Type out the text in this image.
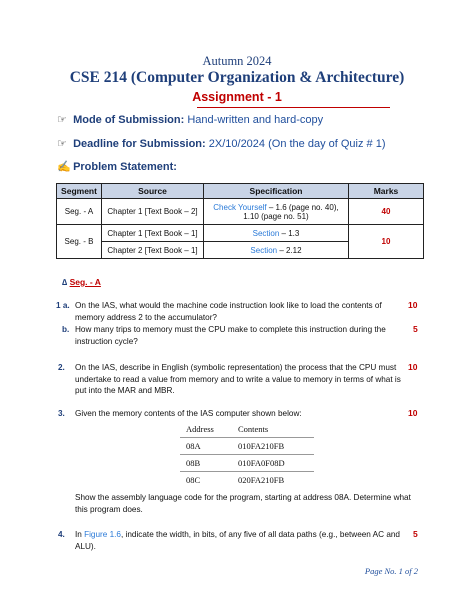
Autumn 2024
CSE 214 (Computer Organization & Architecture)
Assignment - 1
☞ Mode of Submission: Hand-written and hard-copy
☞ Deadline for Submission: 2X/10/2024 (On the day of Quiz # 1)
✍ Problem Statement:
Segment	Source	Specification	Marks
Seg. - A	Chapter 1 [Text Book – 2]	Check Yourself – 1.6 (page no. 40), 1.10 (page no. 51)	40
Seg. - B	Chapter 1 [Text Book – 1]	Section – 1.3	10
	Chapter 2 [Text Book – 1]	Section – 2.12	
∆ Seg. - A
1 a. On the IAS, what would the machine code instruction look like to load the contents of memory address 2 to the accumulator?
10
b. How many trips to memory must the CPU make to complete this instruction during the instruction cycle?
5
2. On the IAS, describe in English (symbolic representation) the process that the CPU must undertake to read a value from memory and to write a value to memory in terms of what is put into the MAR and MBR.
10
3. Given the memory contents of the IAS computer shown below:	10
Address	Contents
08A	010FA210FB
08B	010FA0F08D
08C	020FA210FB
Show the assembly language code for the program, starting at address 08A. Determine what this program does.
4. In Figure 1.6, indicate the width, in bits, of any five of all data paths (e.g., between AC and ALU).
5
Page No. 1 of 2
